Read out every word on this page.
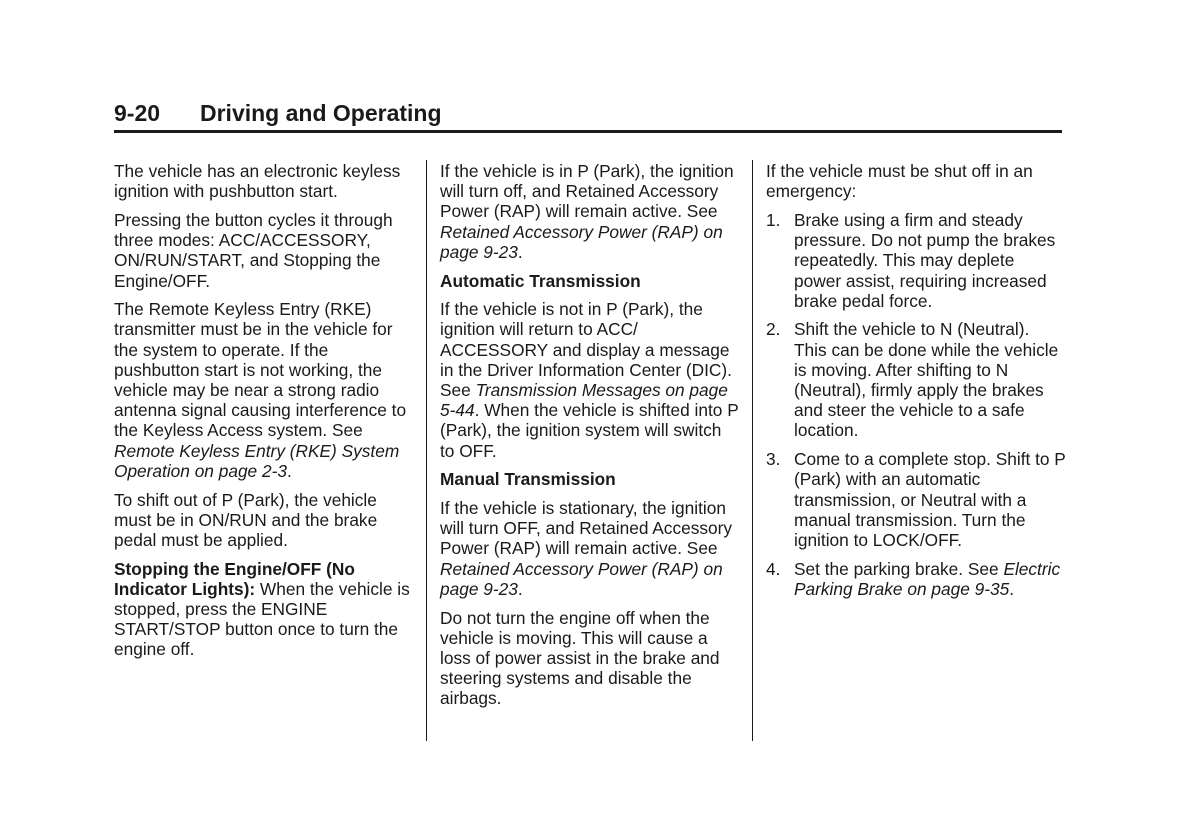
9-20	Driving and Operating

The vehicle has an electronic keyless ignition with pushbutton start.

Pressing the button cycles it through three modes: ACC/ACCESSORY, ON/RUN/START, and Stopping the Engine/OFF.

The Remote Keyless Entry (RKE) transmitter must be in the vehicle for the system to operate. If the pushbutton start is not working, the vehicle may be near a strong radio antenna signal causing interference to the Keyless Access system. See Remote Keyless Entry (RKE) System Operation on page 2-3.

To shift out of P (Park), the vehicle must be in ON/RUN and the brake pedal must be applied.

Stopping the Engine/OFF (No Indicator Lights): When the vehicle is stopped, press the ENGINE START/STOP button once to turn the engine off.

If the vehicle is in P (Park), the ignition will turn off, and Retained Accessory Power (RAP) will remain active. See Retained Accessory Power (RAP) on page 9-23.

Automatic Transmission

If the vehicle is not in P (Park), the ignition will return to ACC/ ACCESSORY and display a message in the Driver Information Center (DIC). See Transmission Messages on page 5-44. When the vehicle is shifted into P (Park), the ignition system will switch to OFF.

Manual Transmission

If the vehicle is stationary, the ignition will turn OFF, and Retained Accessory Power (RAP) will remain active. See Retained Accessory Power (RAP) on page 9-23.

Do not turn the engine off when the vehicle is moving. This will cause a loss of power assist in the brake and steering systems and disable the airbags.

If the vehicle must be shut off in an emergency:

1. Brake using a firm and steady pressure. Do not pump the brakes repeatedly. This may deplete power assist, requiring increased brake pedal force.
2. Shift the vehicle to N (Neutral). This can be done while the vehicle is moving. After shifting to N (Neutral), firmly apply the brakes and steer the vehicle to a safe location.
3. Come to a complete stop. Shift to P (Park) with an automatic transmission, or Neutral with a manual transmission. Turn the ignition to LOCK/OFF.
4. Set the parking brake. See Electric Parking Brake on page 9-35.
